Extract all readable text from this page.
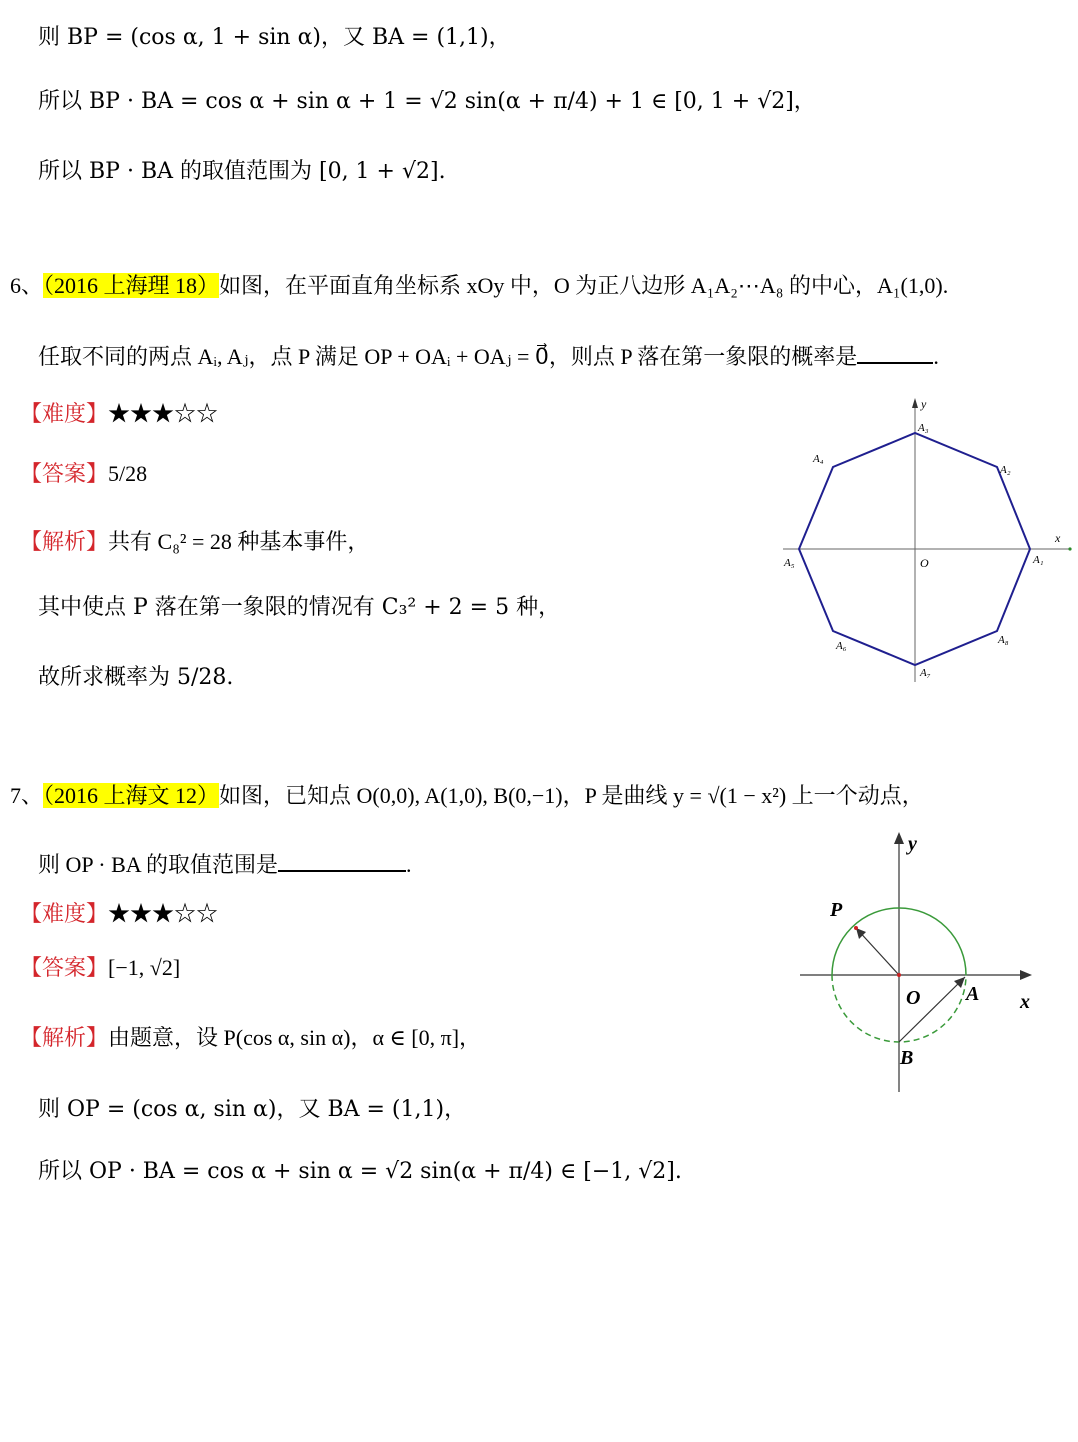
则 BP = (cos α, 1 + sin α)，又 BA = (1,1)，
所以 BP · BA = cos α + sin α + 1 = √2 sin(α + π/4) + 1 ∈ [0, 1 + √2]，
所以 BP · BA 的取值范围为 [0, 1 + √2].
6、（2016 上海理 18）如图，在平面直角坐标系 xOy 中，O 为正八边形 A₁A₂⋯A₈ 的中心，A₁(1,0).
任取不同的两点 Aᵢ, Aⱼ，点 P 满足 OP + OAᵢ + OAⱼ = 0⃗，则点 P 落在第一象限的概率是	.
【难度】★★★☆☆
【答案】5/28
【解析】共有 C₈² = 28 种基本事件，
其中使点 P 落在第一象限的情况有 C₃² + 2 = 5 种，
故所求概率为 5/28.
x
y
O	A₁
A₂
A₃
A₄
A₅
A₆
A₇
A₈
7、（2016 上海文 12）如图，已知点 O(0,0), A(1,0), B(0,−1)，P 是曲线 y = √(1 − x²) 上一个动点，
则 OP · BA 的取值范围是	.
【难度】★★★☆☆
【答案】[−1, √2]
【解析】由题意，设 P(cos α, sin α)，α ∈ [0, π]，
则 OP = (cos α, sin α)，又 BA = (1,1)，
所以 OP · BA = cos α + sin α = √2 sin(α + π/4) ∈ [−1, √2].
y
x
O A
B
P
